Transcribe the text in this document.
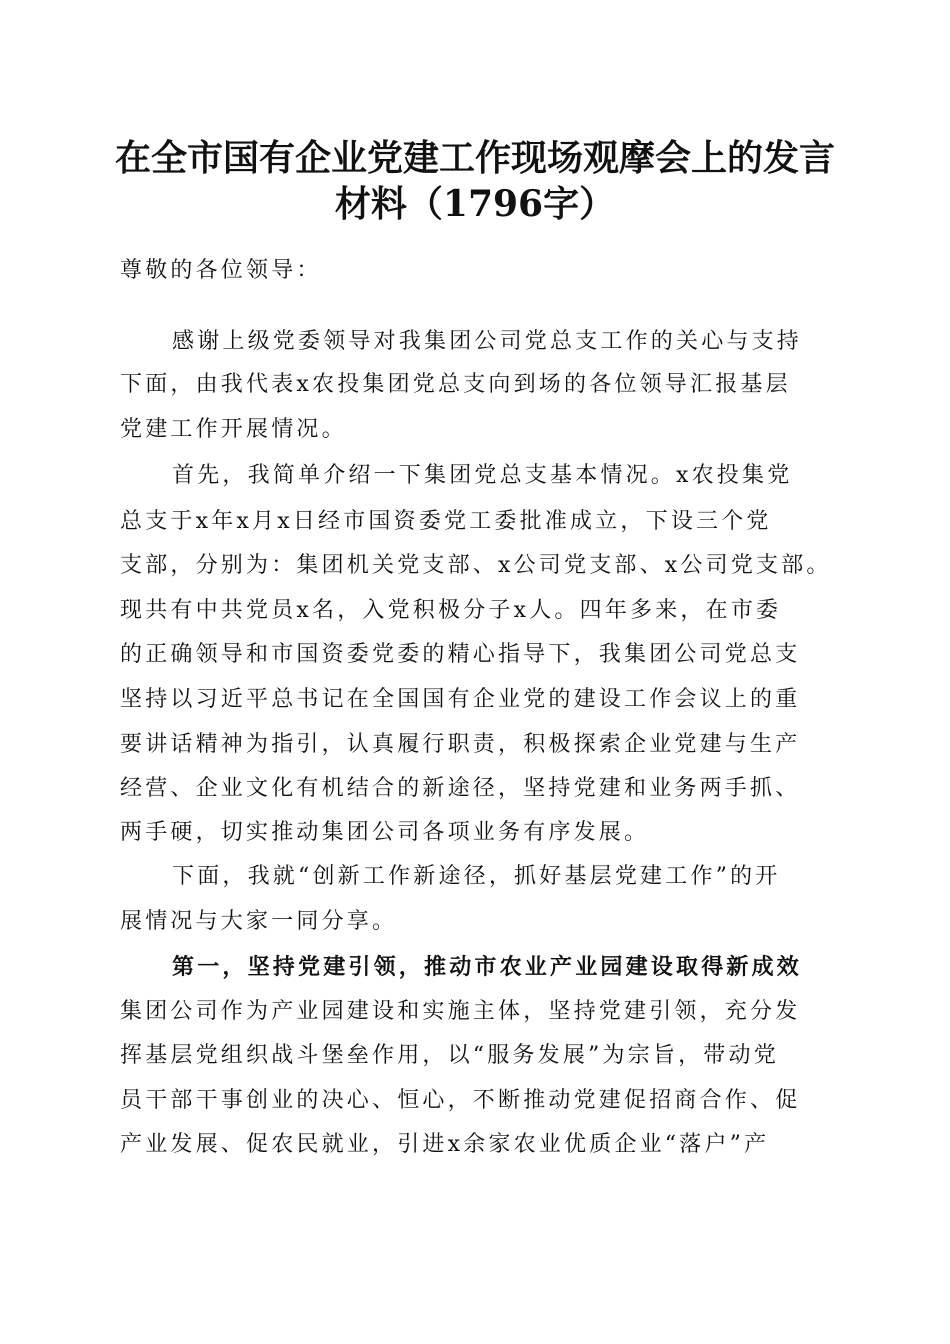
在全市国有企业党建工作现场观摩会上的发言
材料（1796字）
尊敬的各位领导：
感谢上级党委领导对我集团公司党总支工作的关心与支持
下面，由我代表x农投集团党总支向到场的各位领导汇报基层
党建工作开展情况。
首先，我简单介绍一下集团党总支基本情况。x农投集党
总支于x年x月x日经市国资委党工委批准成立，下设三个党
支部，分别为：集团机关党支部、x公司党支部、x公司党支部。
现共有中共党员x名，入党积极分子x人。四年多来，在市委
的正确领导和市国资委党委的精心指导下，我集团公司党总支
坚持以习近平总书记在全国国有企业党的建设工作会议上的重
要讲话精神为指引，认真履行职责，积极探索企业党建与生产
经营、企业文化有机结合的新途径，坚持党建和业务两手抓、
两手硬，切实推动集团公司各项业务有序发展。
下面，我就“创新工作新途径，抓好基层党建工作”的开
展情况与大家一同分享。
第一，坚持党建引领，推动市农业产业园建设取得新成效
集团公司作为产业园建设和实施主体，坚持党建引领，充分发
挥基层党组织战斗堡垒作用，以“服务发展”为宗旨，带动党
员干部干事创业的决心、恒心，不断推动党建促招商合作、促
产业发展、促农民就业，引进x余家农业优质企业“落户”产
